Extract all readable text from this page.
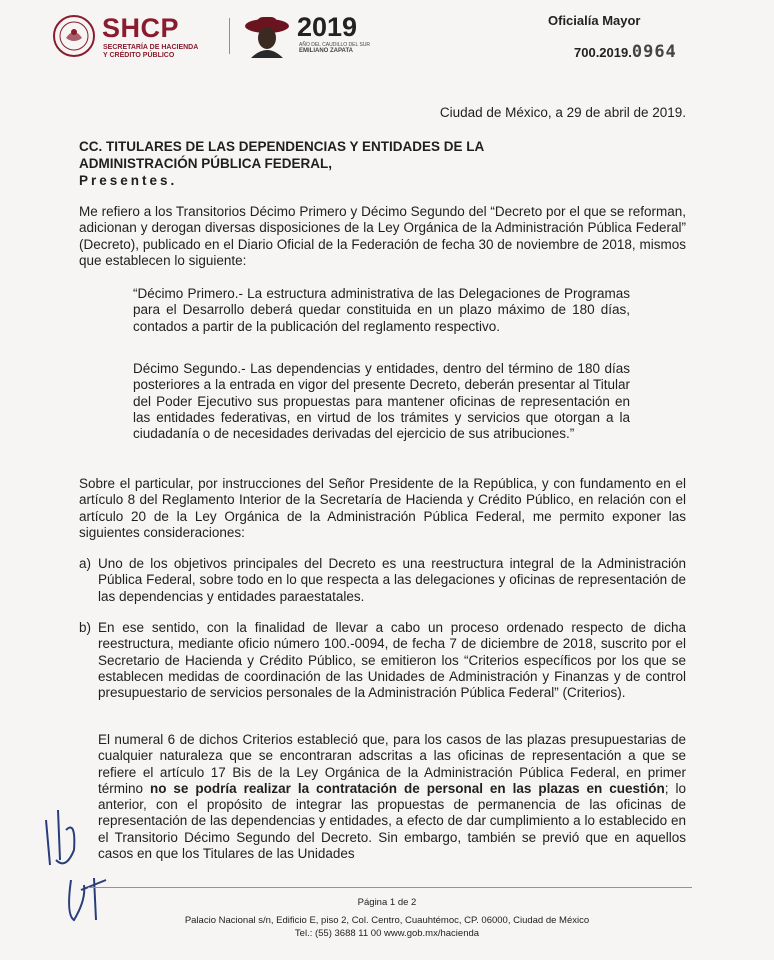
SHCP
SECRETARÍA DE HACIENDA
Y CRÉDITO PÚBLICO
2019
AÑO DEL CAUDILLO DEL SUR
EMILIANO ZAPATA
Oficialía Mayor
700.2019.0964
Ciudad de México, a 29 de abril de 2019.
CC. TITULARES DE LAS DEPENDENCIAS Y ENTIDADES DE LA
ADMINISTRACIÓN PÚBLICA FEDERAL,
Presentes.
Me refiero a los Transitorios Décimo Primero y Décimo Segundo del “Decreto por el que se reforman, adicionan y derogan diversas disposiciones de la Ley Orgánica de la Administración Pública Federal” (Decreto), publicado en el Diario Oficial de la Federación de fecha 30 de noviembre de 2018, mismos que establecen lo siguiente:
“Décimo Primero.- La estructura administrativa de las Delegaciones de Programas para el Desarrollo deberá quedar constituida en un plazo máximo de 180 días, contados a partir de la publicación del reglamento respectivo.
Décimo Segundo.- Las dependencias y entidades, dentro del término de 180 días posteriores a la entrada en vigor del presente Decreto, deberán presentar al Titular del Poder Ejecutivo sus propuestas para mantener oficinas de representación en las entidades federativas, en virtud de los trámites y servicios que otorgan a la ciudadanía o de necesidades derivadas del ejercicio de sus atribuciones.”
Sobre el particular, por instrucciones del Señor Presidente de la República, y con fundamento en el artículo 8 del Reglamento Interior de la Secretaría de Hacienda y Crédito Público, en relación con el artículo 20 de la Ley Orgánica de la Administración Pública Federal, me permito exponer las siguientes consideraciones:
a) Uno de los objetivos principales del Decreto es una reestructura integral de la Administración Pública Federal, sobre todo en lo que respecta a las delegaciones y oficinas de representación de las dependencias y entidades paraestatales.
b) En ese sentido, con la finalidad de llevar a cabo un proceso ordenado respecto de dicha reestructura, mediante oficio número 100.-0094, de fecha 7 de diciembre de 2018, suscrito por el Secretario de Hacienda y Crédito Público, se emitieron los “Criterios específicos por los que se establecen medidas de coordinación de las Unidades de Administración y Finanzas y de control presupuestario de servicios personales de la Administración Pública Federal” (Criterios).
El numeral 6 de dichos Criterios estableció que, para los casos de las plazas presupuestarias de cualquier naturaleza que se encontraran adscritas a las oficinas de representación a que se refiere el artículo 17 Bis de la Ley Orgánica de la Administración Pública Federal, en primer término no se podría realizar la contratación de personal en las plazas en cuestión; lo anterior, con el propósito de integrar las propuestas de permanencia de las oficinas de representación de las dependencias y entidades, a efecto de dar cumplimiento a lo establecido en el Transitorio Décimo Segundo del Decreto. Sin embargo, también se previó que en aquellos casos en que los Titulares de las Unidades
Página 1 de 2
Palacio Nacional s/n, Edificio E, piso 2, Col. Centro, Cuauhtémoc, CP. 06000, Ciudad de México
Tel.: (55) 3688 11 00 www.gob.mx/hacienda
